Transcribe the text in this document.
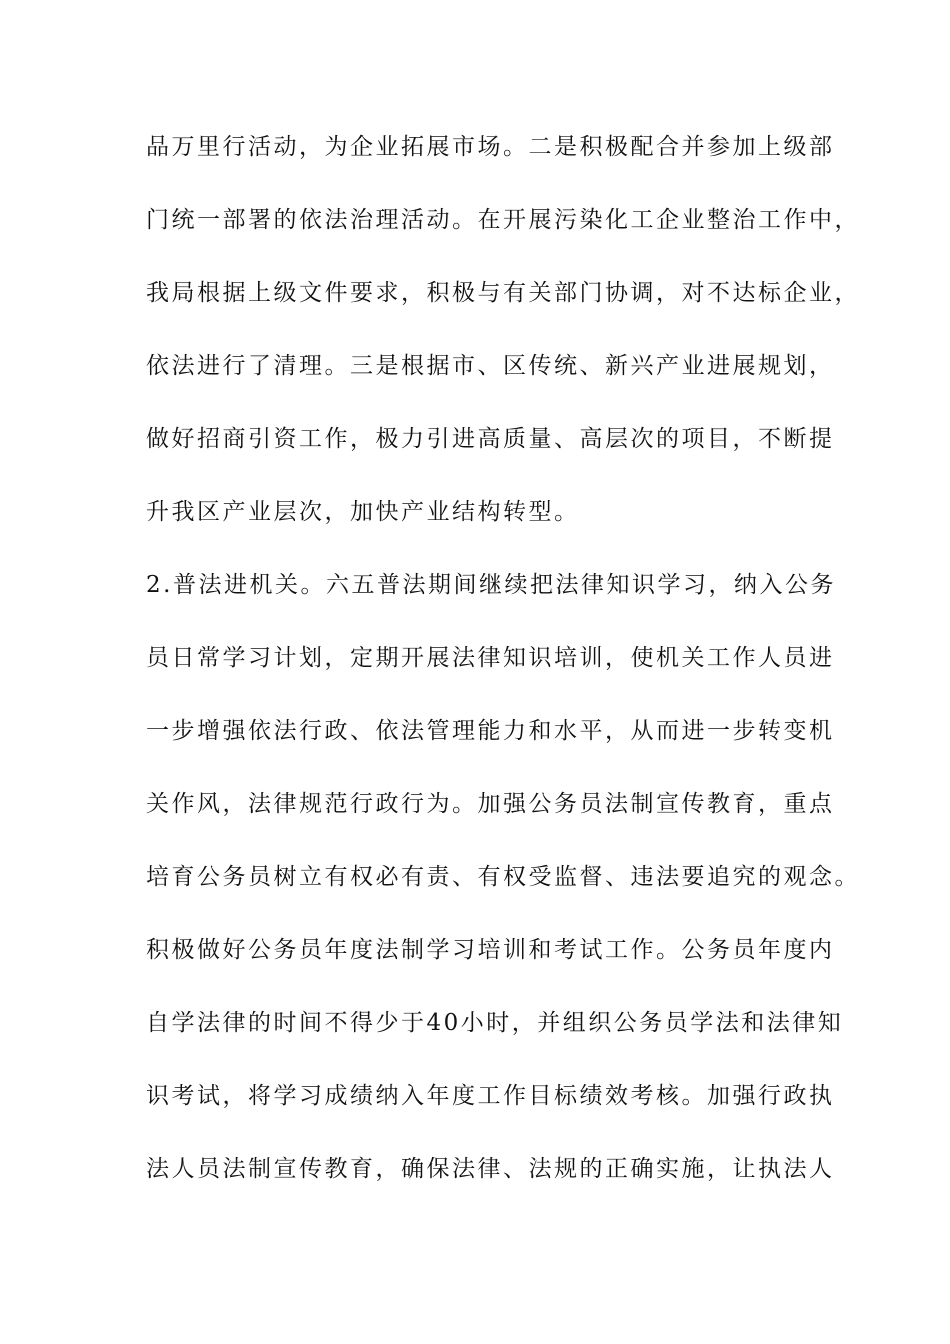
品万里行活动，为企业拓展市场。二是积极配合并参加上级部
门统一部署的依法治理活动。在开展污染化工企业整治工作中，
我局根据上级文件要求，积极与有关部门协调，对不达标企业，
依法进行了清理。三是根据市、区传统、新兴产业进展规划，
做好招商引资工作，极力引进高质量、高层次的项目，不断提
升我区产业层次，加快产业结构转型。
2.普法进机关。六五普法期间继续把法律知识学习，纳入公务
员日常学习计划，定期开展法律知识培训，使机关工作人员进
一步增强依法行政、依法管理能力和水平，从而进一步转变机
关作风，法律规范行政行为。加强公务员法制宣传教育，重点
培育公务员树立有权必有责、有权受监督、违法要追究的观念。
积极做好公务员年度法制学习培训和考试工作。公务员年度内
自学法律的时间不得少于40小时，并组织公务员学法和法律知
识考试，将学习成绩纳入年度工作目标绩效考核。加强行政执
法人员法制宣传教育，确保法律、法规的正确实施，让执法人
